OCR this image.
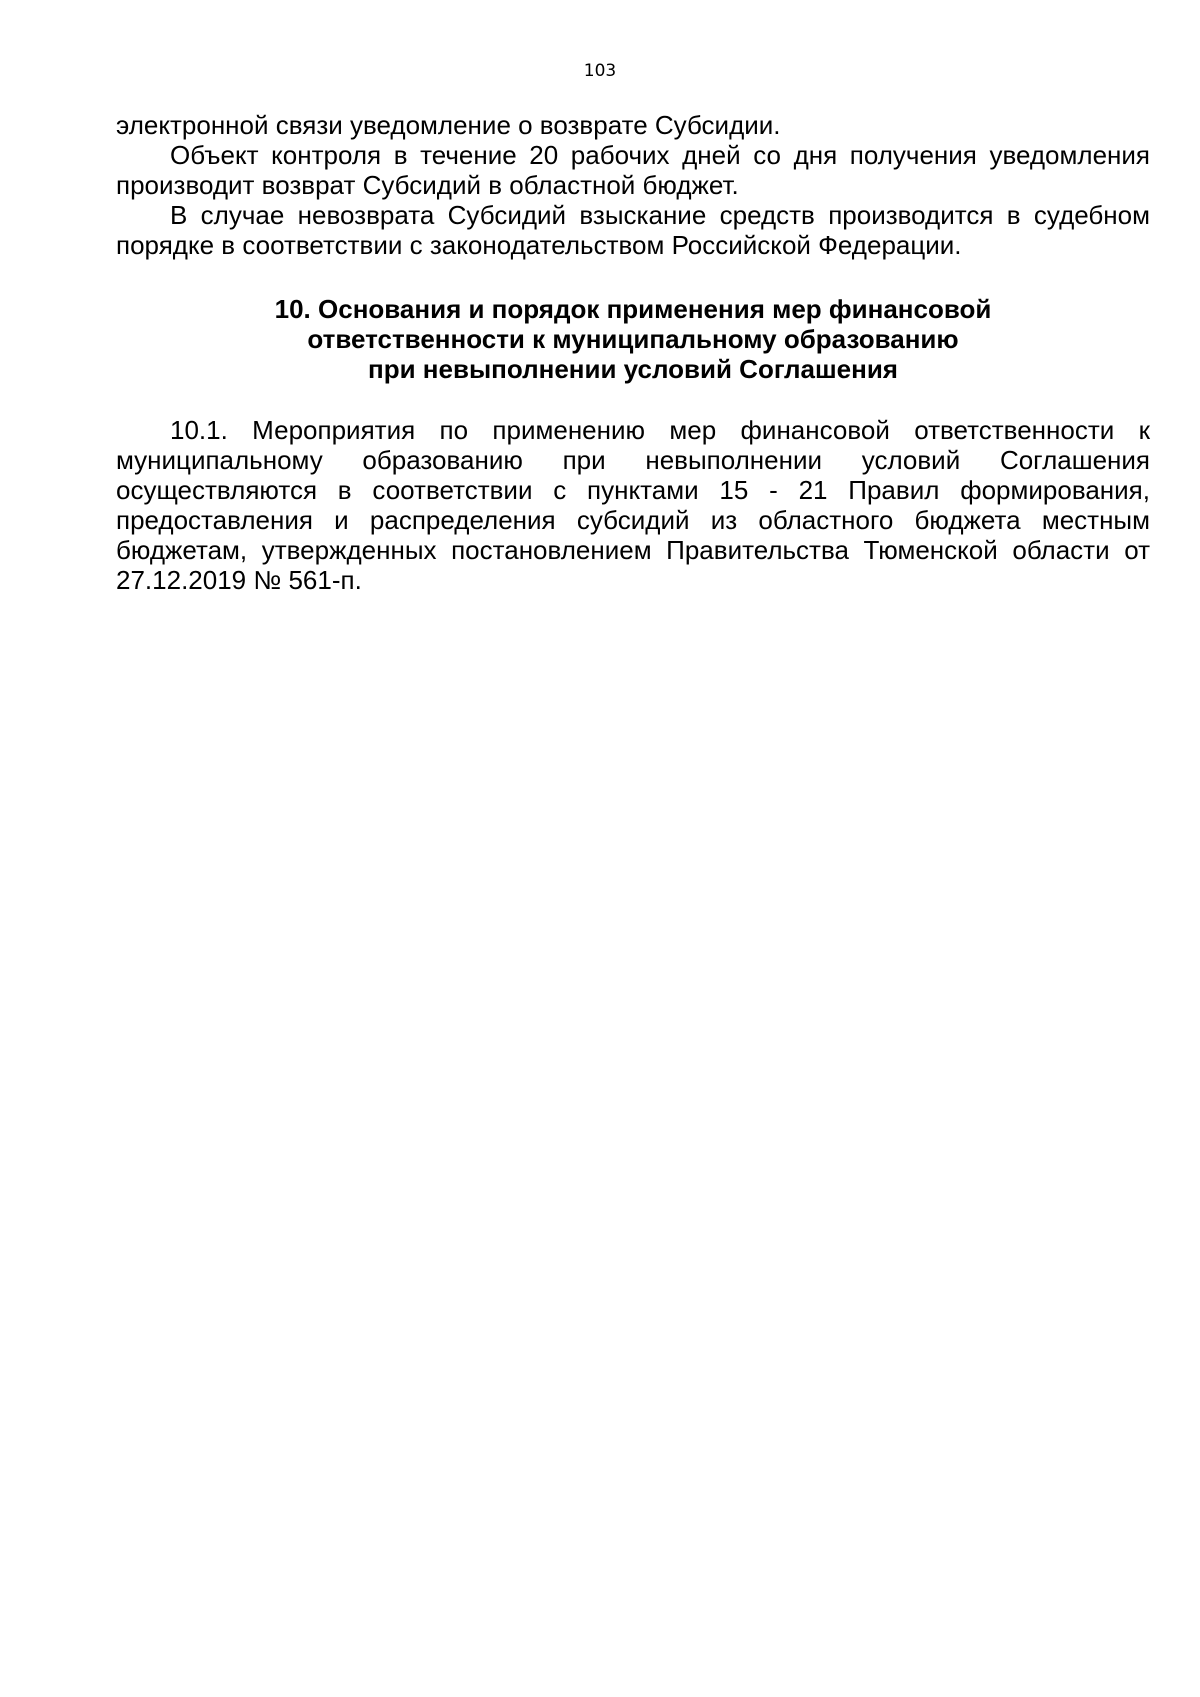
103

электронной связи уведомление о возврате Субсидии.

Объект контроля в течение 20 рабочих дней со дня получения уведомления производит возврат Субсидий в областной бюджет.

В случае невозврата Субсидий взыскание средств производится в судебном порядке в соответствии с законодательством Российской Федерации.

10. Основания и порядок применения мер финансовой
ответственности к муниципальному образованию
при невыполнении условий Соглашения

10.1. Мероприятия по применению мер финансовой ответственности к муниципальному образованию при невыполнении условий Соглашения осуществляются в соответствии с пунктами 15 - 21 Правил формирования, предоставления и распределения субсидий из областного бюджета местным бюджетам, утвержденных постановлением Правительства Тюменской области от 27.12.2019 № 561-п.
